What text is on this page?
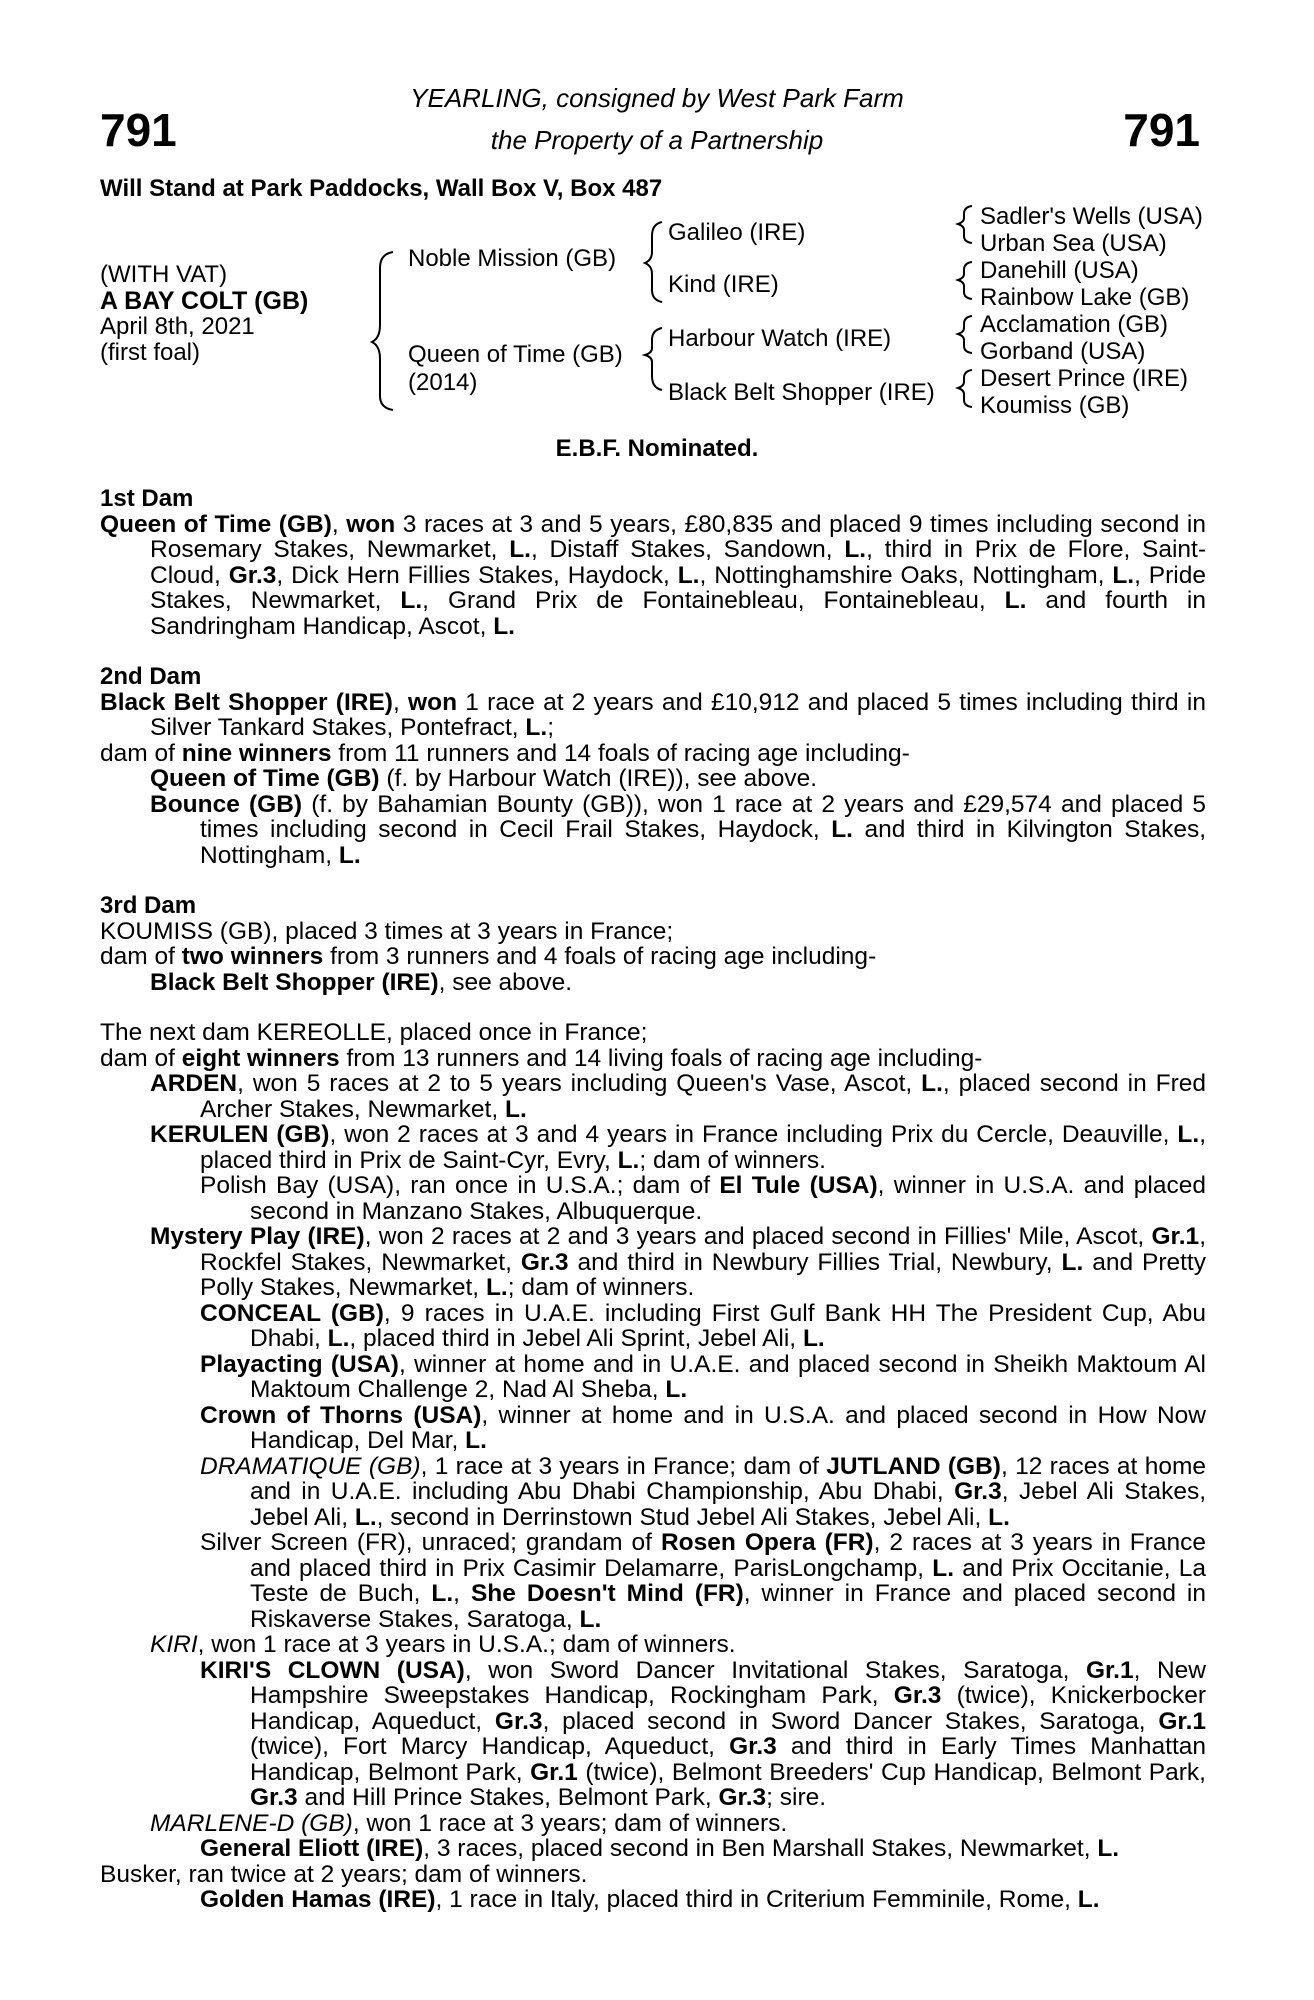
YEARLING, consigned by West Park Farm
the Property of a Partnership
791	791
Will Stand at Park Paddocks, Wall Box V, Box 487
(WITH VAT)
A BAY COLT (GB)
April 8th, 2021
(first foal)
Noble Mission (GB)
Queen of Time (GB)
(2014)
Galileo (IRE)
Kind (IRE)
Harbour Watch (IRE)
Black Belt Shopper (IRE)
Sadler's Wells (USA)
Urban Sea (USA)
Danehill (USA)
Rainbow Lake (GB)
Acclamation (GB)
Gorband (USA)
Desert Prince (IRE)
Koumiss (GB)
E.B.F. Nominated.

1st Dam

Queen of Time (GB), won 3 races at 3 and 5 years, £80,835 and placed 9 times including second in Rosemary Stakes, Newmarket, L., Distaff Stakes, Sandown, L., third in Prix de Flore, Saint-Cloud, Gr.3, Dick Hern Fillies Stakes, Haydock, L., Nottinghamshire Oaks, Nottingham, L., Pride Stakes, Newmarket, L., Grand Prix de Fontainebleau, Fontainebleau, L. and fourth in Sandringham Handicap, Ascot, L.

2nd Dam

Black Belt Shopper (IRE), won 1 race at 2 years and £10,912 and placed 5 times including third in Silver Tankard Stakes, Pontefract, L.;

dam of nine winners from 11 runners and 14 foals of racing age including-

Queen of Time (GB) (f. by Harbour Watch (IRE)), see above.

Bounce (GB) (f. by Bahamian Bounty (GB)), won 1 race at 2 years and £29,574 and placed 5 times including second in Cecil Frail Stakes, Haydock, L. and third in Kilvington Stakes, Nottingham, L.

3rd Dam

KOUMISS (GB), placed 3 times at 3 years in France;

dam of two winners from 3 runners and 4 foals of racing age including-

Black Belt Shopper (IRE), see above.

The next dam KEREOLLE, placed once in France;

dam of eight winners from 13 runners and 14 living foals of racing age including-

ARDEN, won 5 races at 2 to 5 years including Queen's Vase, Ascot, L., placed second in Fred Archer Stakes, Newmarket, L.

KERULEN (GB), won 2 races at 3 and 4 years in France including Prix du Cercle, Deauville, L., placed third in Prix de Saint-Cyr, Evry, L.; dam of winners.

Polish Bay (USA), ran once in U.S.A.; dam of El Tule (USA), winner in U.S.A. and placed second in Manzano Stakes, Albuquerque.

Mystery Play (IRE), won 2 races at 2 and 3 years and placed second in Fillies' Mile, Ascot, Gr.1, Rockfel Stakes, Newmarket, Gr.3 and third in Newbury Fillies Trial, Newbury, L. and Pretty Polly Stakes, Newmarket, L.; dam of winners.

CONCEAL (GB), 9 races in U.A.E. including First Gulf Bank HH The President Cup, Abu Dhabi, L., placed third in Jebel Ali Sprint, Jebel Ali, L.

Playacting (USA), winner at home and in U.A.E. and placed second in Sheikh Maktoum Al Maktoum Challenge 2, Nad Al Sheba, L.

Crown of Thorns (USA), winner at home and in U.S.A. and placed second in How Now Handicap, Del Mar, L.

DRAMATIQUE (GB), 1 race at 3 years in France; dam of JUTLAND (GB), 12 races at home and in U.A.E. including Abu Dhabi Championship, Abu Dhabi, Gr.3, Jebel Ali Stakes, Jebel Ali, L., second in Derrinstown Stud Jebel Ali Stakes, Jebel Ali, L.

Silver Screen (FR), unraced; grandam of Rosen Opera (FR), 2 races at 3 years in France and placed third in Prix Casimir Delamarre, ParisLongchamp, L. and Prix Occitanie, La Teste de Buch, L., She Doesn't Mind (FR), winner in France and placed second in Riskaverse Stakes, Saratoga, L.

KIRI, won 1 race at 3 years in U.S.A.; dam of winners.

KIRI'S CLOWN (USA), won Sword Dancer Invitational Stakes, Saratoga, Gr.1, New Hampshire Sweepstakes Handicap, Rockingham Park, Gr.3 (twice), Knickerbocker Handicap, Aqueduct, Gr.3, placed second in Sword Dancer Stakes, Saratoga, Gr.1 (twice), Fort Marcy Handicap, Aqueduct, Gr.3 and third in Early Times Manhattan Handicap, Belmont Park, Gr.1 (twice), Belmont Breeders' Cup Handicap, Belmont Park, Gr.3 and Hill Prince Stakes, Belmont Park, Gr.3; sire.

MARLENE-D (GB), won 1 race at 3 years; dam of winners.

General Eliott (IRE), 3 races, placed second in Ben Marshall Stakes, Newmarket, L.

Busker, ran twice at 2 years; dam of winners.

Golden Hamas (IRE), 1 race in Italy, placed third in Criterium Femminile, Rome, L.
